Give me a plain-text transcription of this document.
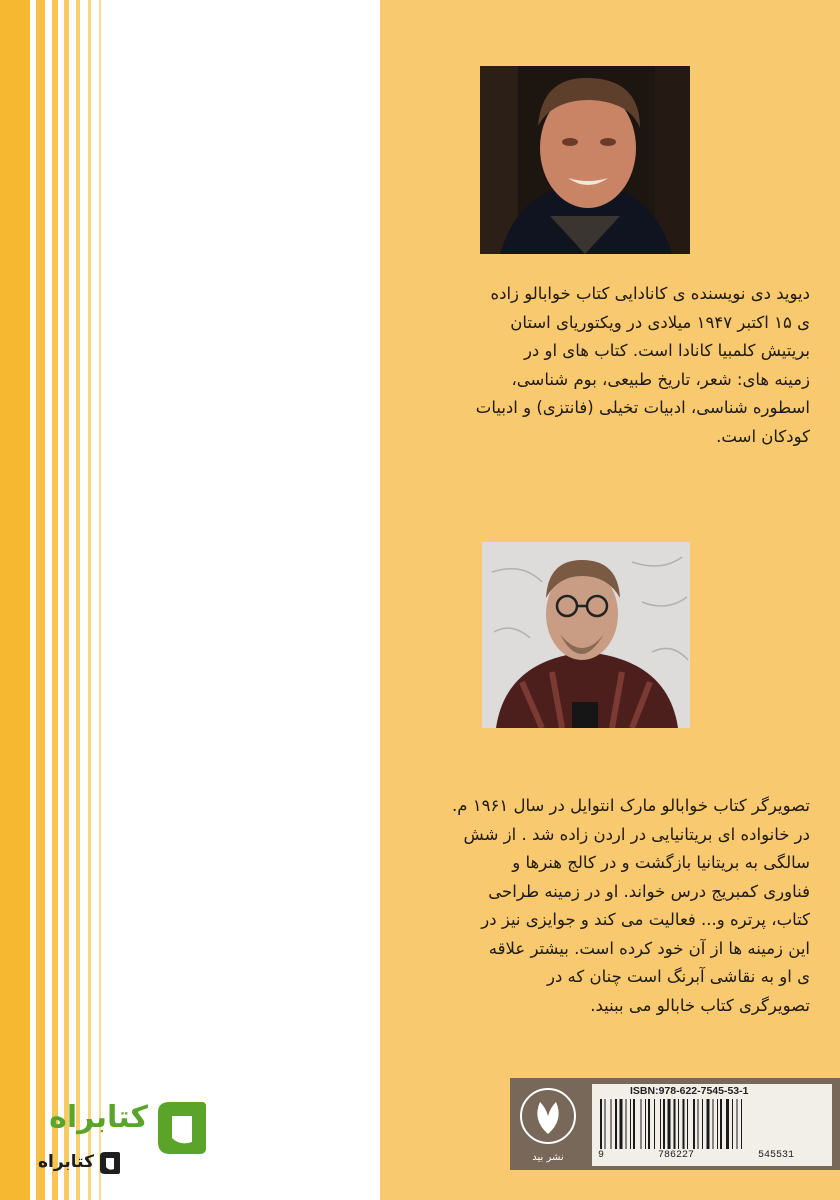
دیوید دی نویسنده ی کانادایی کتاب خوابالو زاده
ی ۱۵ اکتبر ۱۹۴۷ میلادی در ویکتوریای استان
بریتیش کلمبیا کانادا است. کتاب های او در
زمینه های: شعر، تاریخ طبیعی، بوم شناسی،
اسطوره شناسی، ادبیات تخیلی (فانتزی) و ادبیات
کودکان است.
تصویرگر کتاب خوابالو مارک انتوایل در سال ۱۹۶۱ م.
در خانواده ای بریتانیایی در اردن زاده شد . از شش
سالگی به بریتانیا بازگشت و در کالج هنرها و
فناوری کمبریج درس خواند. او در زمینه طراحی
کتاب، پرتره و... فعالیت می کند و جوایزی نیز در
این زمینه ها از آن خود کرده است. بیشتر علاقه
ی او به نقاشی آبرنگ است چنان که در
تصویرگری کتاب خابالو می ببنید.
نشر بید
ISBN:978-622-7545-53-1
9	786227	545531
کتابراه
کتابراه
